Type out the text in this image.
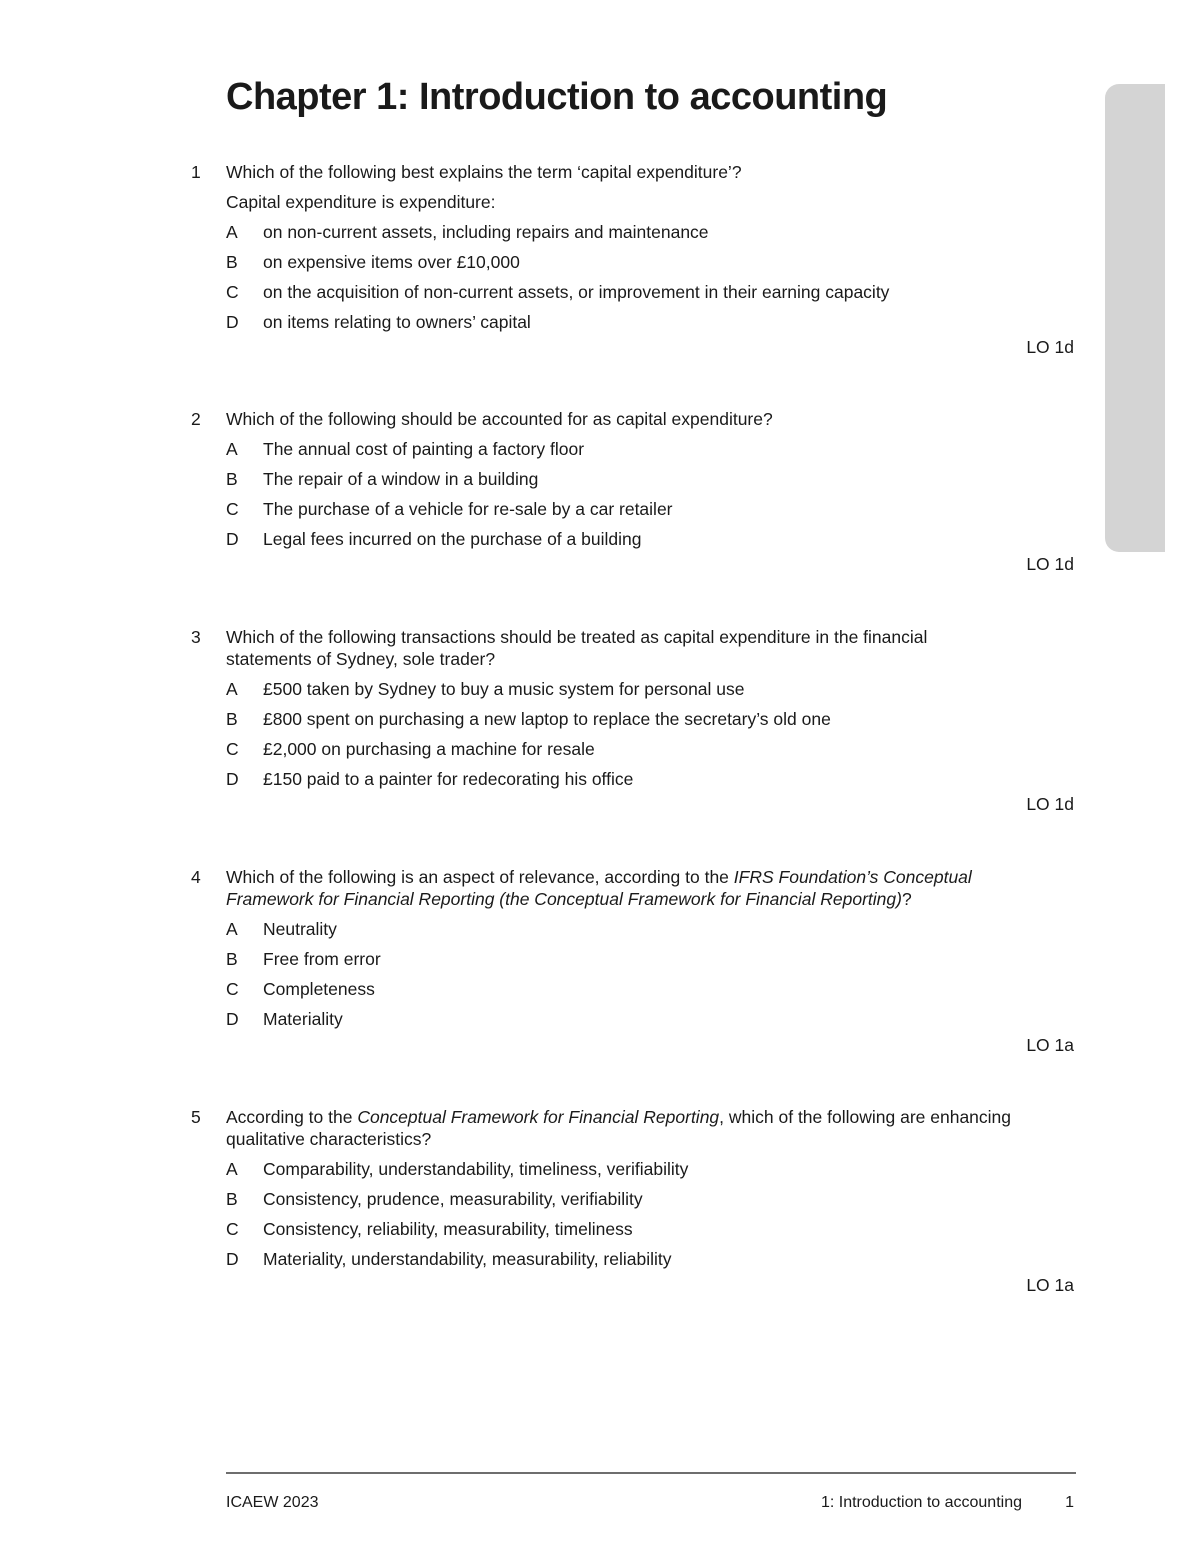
Chapter 1: Introduction to accounting
1 Which of the following best explains the term ‘capital expenditure’?
Capital expenditure is expenditure:
A on non-current assets, including repairs and maintenance
B on expensive items over £10,000
C on the acquisition of non-current assets, or improvement in their earning capacity
D on items relating to owners’ capital
LO 1d
2 Which of the following should be accounted for as capital expenditure?
A The annual cost of painting a factory floor
B The repair of a window in a building
C The purchase of a vehicle for re-sale by a car retailer
D Legal fees incurred on the purchase of a building
LO 1d
3 Which of the following transactions should be treated as capital expenditure in the financial statements of Sydney, sole trader?
A £500 taken by Sydney to buy a music system for personal use
B £800 spent on purchasing a new laptop to replace the secretary’s old one
C £2,000 on purchasing a machine for resale
D £150 paid to a painter for redecorating his office
LO 1d
4 Which of the following is an aspect of relevance, according to the IFRS Foundation’s Conceptual Framework for Financial Reporting (the Conceptual Framework for Financial Reporting)?
A Neutrality
B Free from error
C Completeness
D Materiality
LO 1a
5 According to the Conceptual Framework for Financial Reporting, which of the following are enhancing qualitative characteristics?
A Comparability, understandability, timeliness, verifiability
B Consistency, prudence, measurability, verifiability
C Consistency, reliability, measurability, timeliness
D Materiality, understandability, measurability, reliability
LO 1a
ICAEW 2023	1: Introduction to accounting	1
